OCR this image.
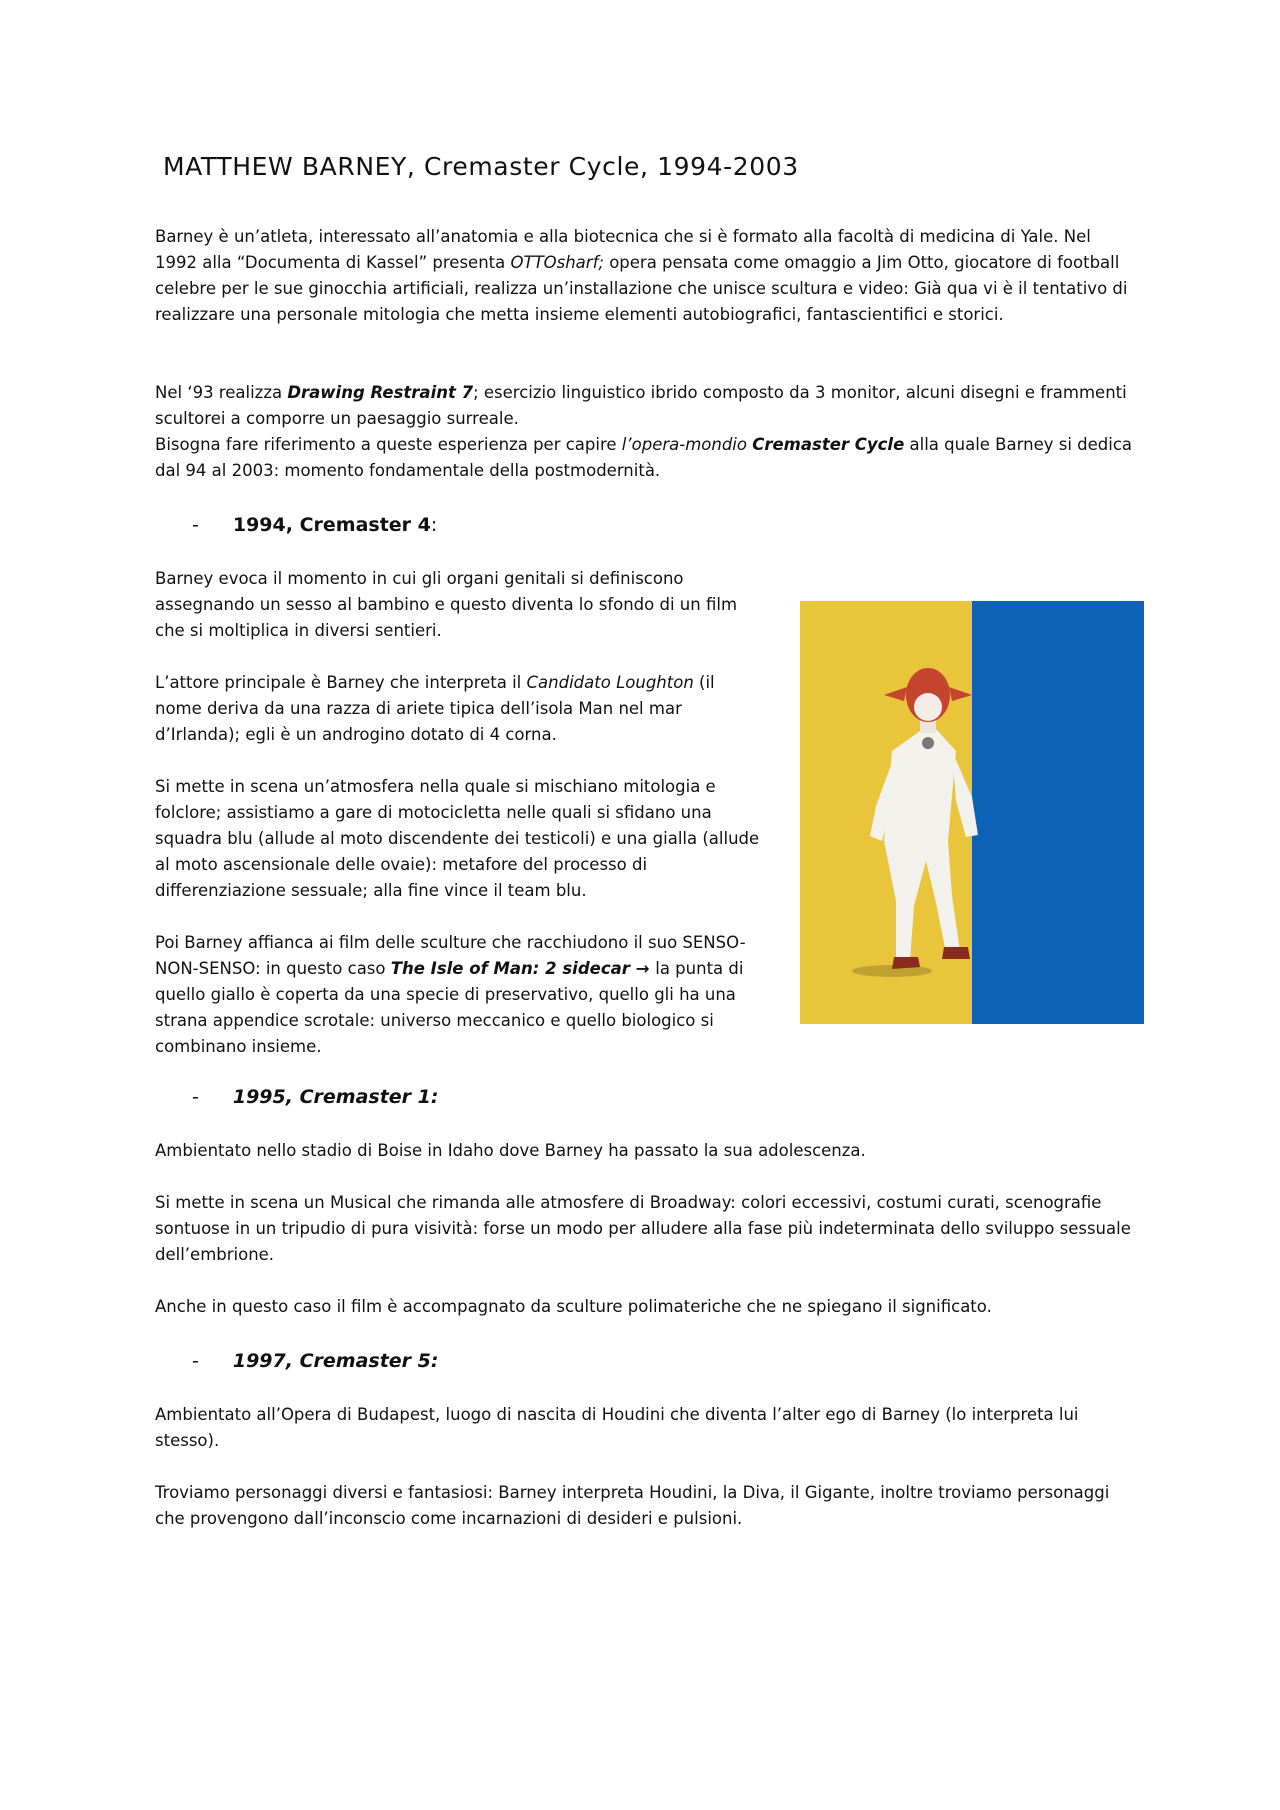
MATTHEW BARNEY, Cremaster Cycle, 1994-2003

Barney è un’atleta, interessato all’anatomia e alla biotecnica che si è formato alla facoltà di medicina di Yale. Nel 1992 alla “Documenta di Kassel” presenta OTTOsharf; opera pensata come omaggio a Jim Otto, giocatore di football celebre per le sue ginocchia artificiali, realizza un’installazione che unisce scultura e video: Già qua vi è il tentativo di realizzare una personale mitologia che metta insieme elementi autobiografici, fantascientifici e storici.

Nel ‘93 realizza Drawing Restraint 7; esercizio linguistico ibrido composto da 3 monitor, alcuni disegni e frammenti scultorei a comporre un paesaggio surreale.
Bisogna fare riferimento a queste esperienza per capire l’opera-mondio Cremaster Cycle alla quale Barney si dedica dal 94 al 2003: momento fondamentale della postmodernità.

- 1994, Cremaster 4:

Barney evoca il momento in cui gli organi genitali si definiscono assegnando un sesso al bambino e questo diventa lo sfondo di un film che si moltiplica in diversi sentieri.

L’attore principale è Barney che interpreta il Candidato Loughton (il nome deriva da una razza di ariete tipica dell’isola Man nel mar d’Irlanda); egli è un androgino dotato di 4 corna.

Si mette in scena un’atmosfera nella quale si mischiano mitologia e folclore; assistiamo a gare di motocicletta nelle quali si sfidano una squadra blu (allude al moto discendente dei testicoli) e una gialla (allude al moto ascensionale delle ovaie): metafore del processo di differenziazione sessuale; alla fine vince il team blu.

Poi Barney affianca ai film delle sculture che racchiudono il suo SENSO-NON-SENSO: in questo caso The Isle of Man: 2 sidecar → la punta di quello giallo è coperta da una specie di preservativo, quello gli ha una strana appendice scrotale: universo meccanico e quello biologico si combinano insieme.

- 1995, Cremaster 1:

Ambientato nello stadio di Boise in Idaho dove Barney ha passato la sua adolescenza.

Si mette in scena un Musical che rimanda alle atmosfere di Broadway: colori eccessivi, costumi curati, scenografie sontuose in un tripudio di pura visività: forse un modo per alludere alla fase più indeterminata dello sviluppo sessuale dell’embrione.

Anche in questo caso il film è accompagnato da sculture polimateriche che ne spiegano il significato.

- 1997, Cremaster 5:

Ambientato all’Opera di Budapest, luogo di nascita di Houdini che diventa l’alter ego di Barney (lo interpreta lui stesso).

Troviamo personaggi diversi e fantasiosi: Barney interpreta Houdini, la Diva, il Gigante, inoltre troviamo personaggi che provengono dall’inconscio come incarnazioni di desideri e pulsioni.
